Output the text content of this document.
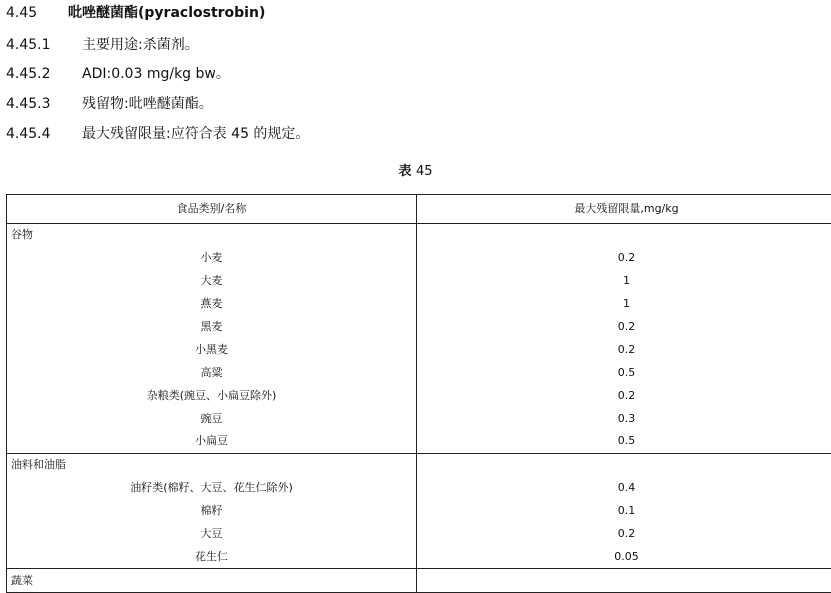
4.45 吡唑醚菌酯(pyraclostrobin)
4.45.1 主要用途:杀菌剂。
4.45.2 ADI:0.03 mg/kg bw。
4.45.3 残留物:吡唑醚菌酯。
4.45.4 最大残留限量:应符合表 45 的规定。
表 45
食品类别/名称	最大残留限量,mg/kg
谷物	
小麦	0.2
大麦	1
燕麦	1
黑麦	0.2
小黑麦	0.2
高粱	0.5
杂粮类(豌豆、小扁豆除外)	0.2
豌豆	0.3
小扁豆	0.5
油料和油脂	
油籽类(棉籽、大豆、花生仁除外)	0.4
棉籽	0.1
大豆	0.2
花生仁	0.05
蔬菜	
